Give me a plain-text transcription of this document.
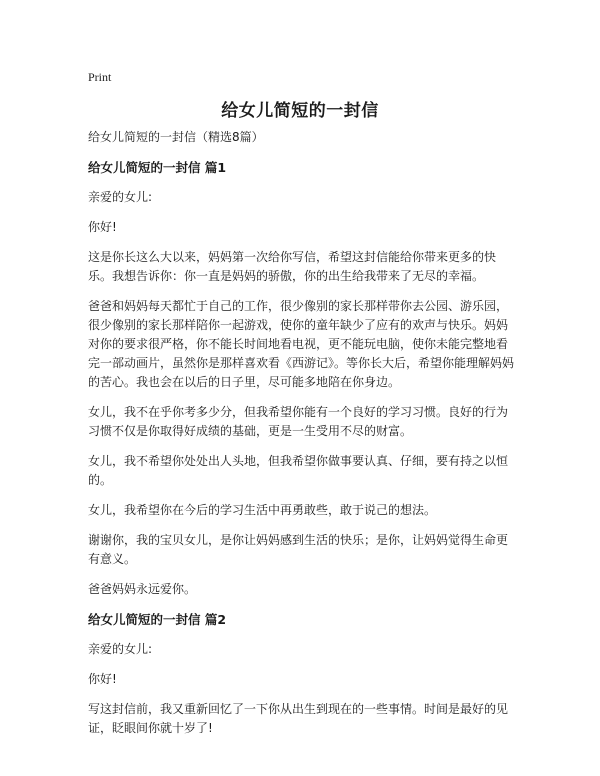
Print
给女儿简短的一封信

给女儿简短的一封信（精选8篇）

给女儿简短的一封信 篇1

亲爱的女儿:

你好!

这是你长这么大以来，妈妈第一次给你写信，希望这封信能给你带来更多的快乐。我想告诉你：你一直是妈妈的骄傲，你的出生给我带来了无尽的幸福。

爸爸和妈妈每天都忙于自己的工作，很少像别的家长那样带你去公园、游乐园，很少像别的家长那样陪你一起游戏，使你的童年缺少了应有的欢声与快乐。妈妈对你的要求很严格，你不能长时间地看电视，更不能玩电脑，使你未能完整地看完一部动画片，虽然你是那样喜欢看《西游记》。等你长大后，希望你能理解妈妈的苦心。我也会在以后的日子里，尽可能多地陪在你身边。

女儿，我不在乎你考多少分，但我希望你能有一个良好的学习习惯。良好的行为习惯不仅是你取得好成绩的基础，更是一生受用不尽的财富。

女儿，我不希望你处处出人头地，但我希望你做事要认真、仔细，要有持之以恒的。

女儿，我希望你在今后的学习生活中再勇敢些，敢于说己的想法。

谢谢你，我的宝贝女儿，是你让妈妈感到生活的快乐；是你，让妈妈觉得生命更有意义。

爸爸妈妈永远爱你。

给女儿简短的一封信 篇2

亲爱的女儿:

你好!

写这封信前，我又重新回忆了一下你从出生到现在的一些事情。时间是最好的见证，眨眼间你就十岁了!
